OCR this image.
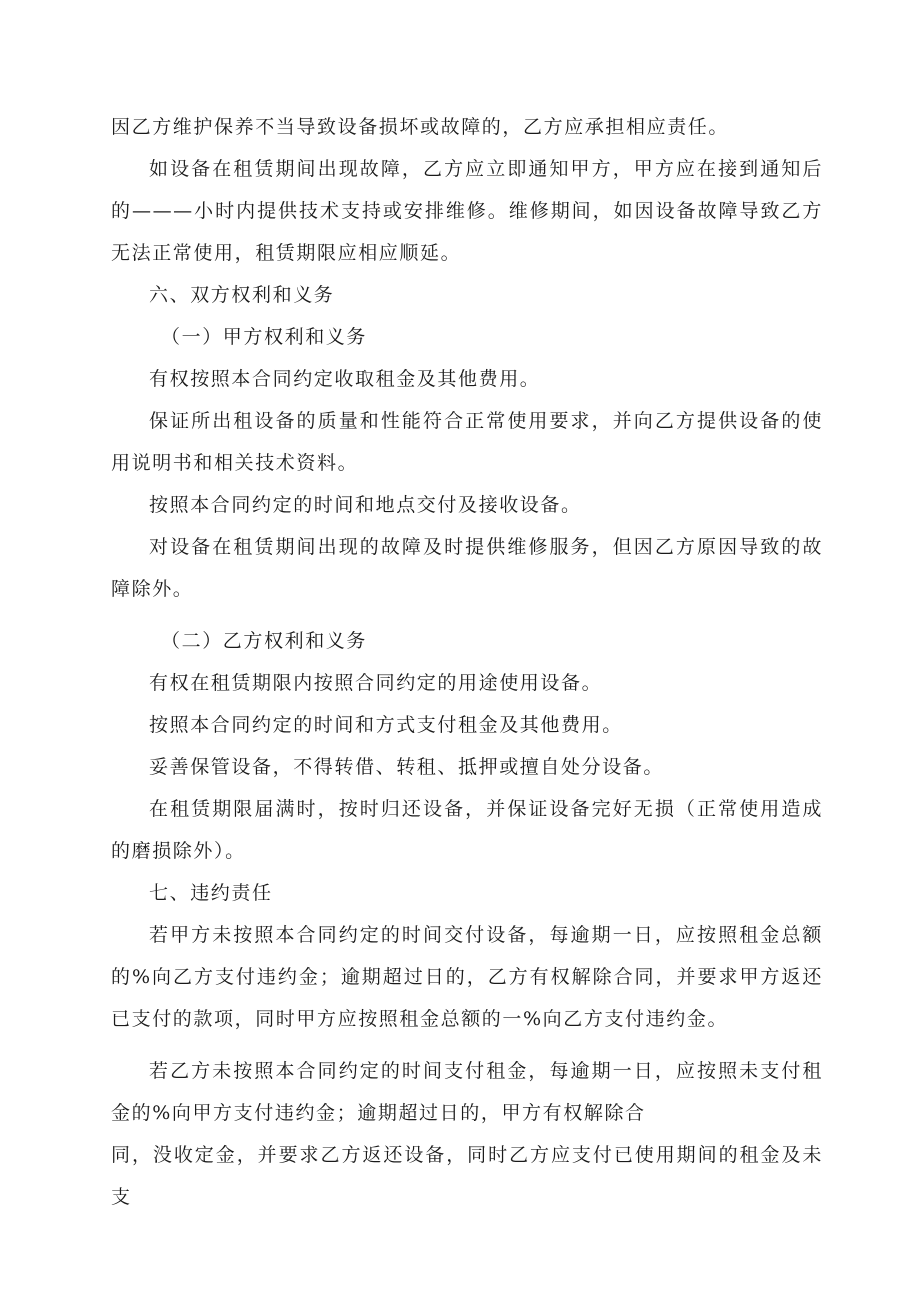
因乙方维护保养不当导致设备损坏或故障的，乙方应承担相应责任。

如设备在租赁期间出现故障，乙方应立即通知甲方，甲方应在接到通知后的———小时内提供技术支持或安排维修。维修期间，如因设备故障导致乙方无法正常使用，租赁期限应相应顺延。

六、双方权利和义务

（一）甲方权利和义务

有权按照本合同约定收取租金及其他费用。

保证所出租设备的质量和性能符合正常使用要求，并向乙方提供设备的使用说明书和相关技术资料。

按照本合同约定的时间和地点交付及接收设备。

对设备在租赁期间出现的故障及时提供维修服务，但因乙方原因导致的故障除外。

（二）乙方权利和义务

有权在租赁期限内按照合同约定的用途使用设备。

按照本合同约定的时间和方式支付租金及其他费用。

妥善保管设备，不得转借、转租、抵押或擅自处分设备。

在租赁期限届满时，按时归还设备，并保证设备完好无损（正常使用造成的磨损除外）。

七、违约责任

若甲方未按照本合同约定的时间交付设备，每逾期一日，应按照租金总额的%向乙方支付违约金；逾期超过日的，乙方有权解除合同，并要求甲方返还已支付的款项，同时甲方应按照租金总额的一%向乙方支付违约金。

若乙方未按照本合同约定的时间支付租金，每逾期一日，应按照未支付租金的%向甲方支付违约金；逾期超过日的，甲方有权解除合

同，没收定金，并要求乙方返还设备，同时乙方应支付已使用期间的租金及未支
